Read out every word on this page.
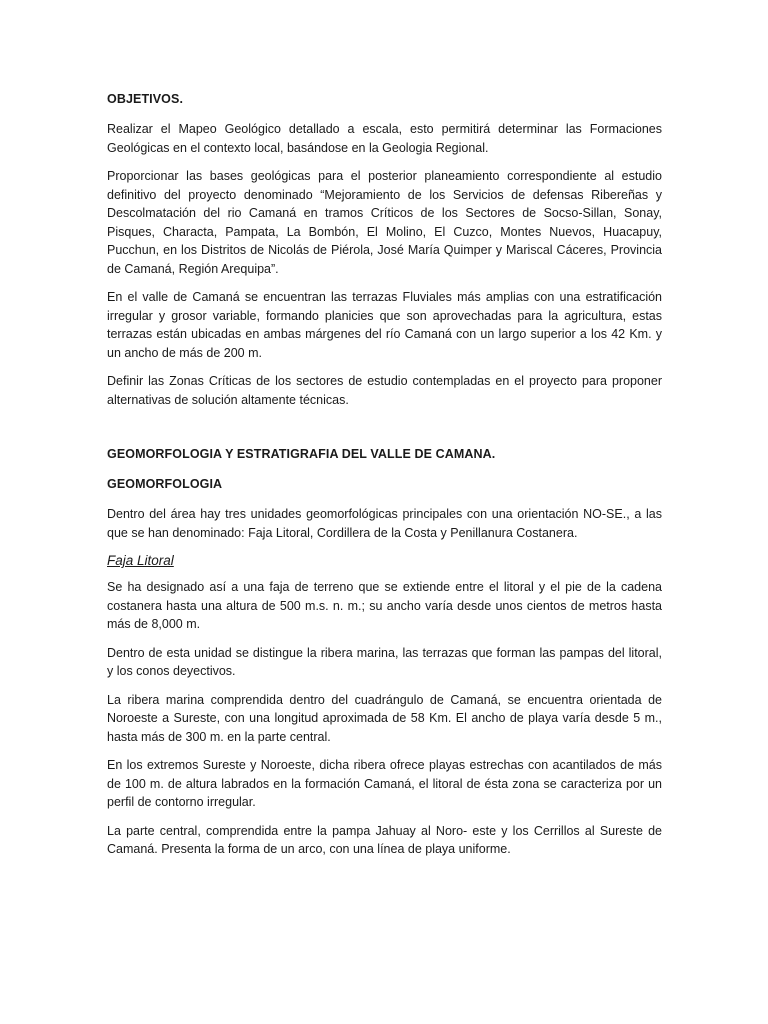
OBJETIVOS.

Realizar el Mapeo Geológico detallado a escala, esto permitirá determinar las Formaciones Geológicas en el contexto local, basándose en la Geologia Regional.

Proporcionar las bases geológicas para el posterior planeamiento correspondiente al estudio definitivo del proyecto denominado “Mejoramiento de los Servicios de defensas Ribereñas y Descolmatación del rio Camaná en tramos Críticos de los Sectores de Socso-Sillan, Sonay, Pisques, Characta, Pampata, La Bombón, El Molino, El Cuzco, Montes Nuevos, Huacapuy, Pucchun, en los Distritos de Nicolás de Piérola, José María Quimper y Mariscal Cáceres, Provincia de Camaná, Región Arequipa”.

En el valle de Camaná se encuentran las terrazas Fluviales más amplias con una estratificación irregular y grosor variable, formando planicies que son aprovechadas para la agricultura, estas terrazas están ubicadas en ambas márgenes del río Camaná con un largo superior a los 42 Km. y un ancho de más de 200 m.

Definir las Zonas Críticas de los sectores de estudio contempladas en el proyecto para proponer alternativas de solución altamente técnicas.

GEOMORFOLOGIA Y ESTRATIGRAFIA DEL VALLE DE CAMANA.
GEOMORFOLOGIA

Dentro del área hay tres unidades geomorfológicas principales con una orientación NO-SE., a las que se han denominado: Faja Litoral, Cordillera de la Costa y Penillanura Costanera.

Faja Litoral

Se ha designado así a una faja de terreno que se extiende entre el litoral y el pie de la cadena costanera hasta una altura de 500 m.s. n. m.; su ancho varía desde unos cientos de metros hasta más de 8,000 m.

Dentro de esta unidad se distingue la ribera marina, las terrazas que forman las pampas del litoral, y los conos deyectivos.

La ribera marina comprendida dentro del cuadrángulo de Camaná, se encuentra orientada de Noroeste a Sureste, con una longitud aproximada de 58 Km. El ancho de playa varía desde 5 m., hasta más de 300 m. en la parte central.

En los extremos Sureste y Noroeste, dicha ribera ofrece playas estrechas con acantilados de más de 100 m. de altura labrados en la formación Camaná, el litoral de ésta zona se caracteriza por un perfil de contorno irregular.

La parte central, comprendida entre la pampa Jahuay al Noro- este y los Cerrillos al Sureste de Camaná. Presenta la forma de un arco, con una línea de playa uniforme.
